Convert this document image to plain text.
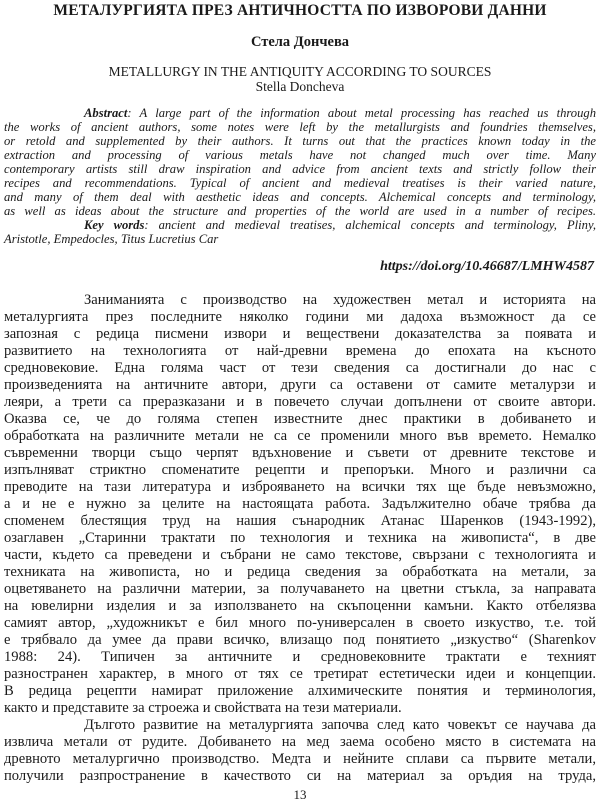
МЕТАЛУРГИЯТА ПРЕЗ АНТИЧНОСТТА ПО ИЗВОРОВИ ДАННИ
Стела Дончева
METALLURGY IN THE ANTIQUITY ACCORDING TO SOURCES
Stella Doncheva
Abstract: A large part of the information about metal processing has reached us through
the works of ancient authors, some notes were left by the metallurgists and foundries themselves,
or retold and supplemented by their authors. It turns out that the practices known today in the
extraction and processing of various metals have not changed much over time. Many
contemporary artists still draw inspiration and advice from ancient texts and strictly follow their
recipes and recommendations. Typical of ancient and medieval treatises is their varied nature,
and many of them deal with aesthetic ideas and concepts. Alchemical concepts and terminology,
as well as ideas about the structure and properties of the world are used in a number of recipes.
Key words: ancient and medieval treatises, alchemical concepts and terminology, Pliny,
Aristotle, Empedocles, Titus Lucretius Car
https://doi.org/10.46687/LMHW4587
Заниманията с производство на художествен метал и историята на
металургията през последните няколко години ми дадоха възможност да се
запозная с редица писмени извори и веществени доказателства за появата и
развитието на технологията от най-древни времена до епохата на късното
средновековие. Една голяма част от тези сведения са достигнали до нас с
произведенията на античните автори, други са оставени от самите металурзи и
леяри, а трети са преразказани и в повечето случаи допълнени от своите автори.
Оказва се, че до голяма степен известните днес практики в добиването и
обработката на различните метали не са се променили много във времето. Немалко
съвременни творци също черпят вдъхновение и съвети от древните текстове и
изпълняват стриктно споменатите рецепти и препоръки. Много и различни са
преводите на тази литература и изброяването на всички тях ще бъде невъзможно,
а и не е нужно за целите на настоящата работа. Задължително обаче трябва да
споменем блестящия труд на нашия сънародник Атанас Шаренков (1943-1992),
озаглавен „Старинни трактати по технология и техника на живописта“, в две
части, където са преведени и събрани не само текстове, свързани с технологията и
техниката на живописта, но и редица сведения за обработката на метали, за
оцветяването на различни материи, за получаването на цветни стъкла, за направата
на ювелирни изделия и за използването на скъпоценни камъни. Както отбелязва
самият автор, „художникът е бил много по-универсален в своето изкуство, т.е. той
е трябвало да умее да прави всичко, влизащо под понятието „изкуство“ (Sharenkov
1988: 24). Типичен за античните и средновековните трактати е техният
разностранен характер, в много от тях се третират естетически идеи и концепции.
В редица рецепти намират приложение алхимическите понятия и терминология,
както и представите за строежа и свойствата на тези материали.
Дългото развитие на металургията започва след като човекът се научава да
извлича метали от рудите. Добиването на мед заема особено място в системата на
древното металургично производство. Медта и нейните сплави са първите метали,
получили разпространение в качеството си на материал за оръдия на труда,
13
